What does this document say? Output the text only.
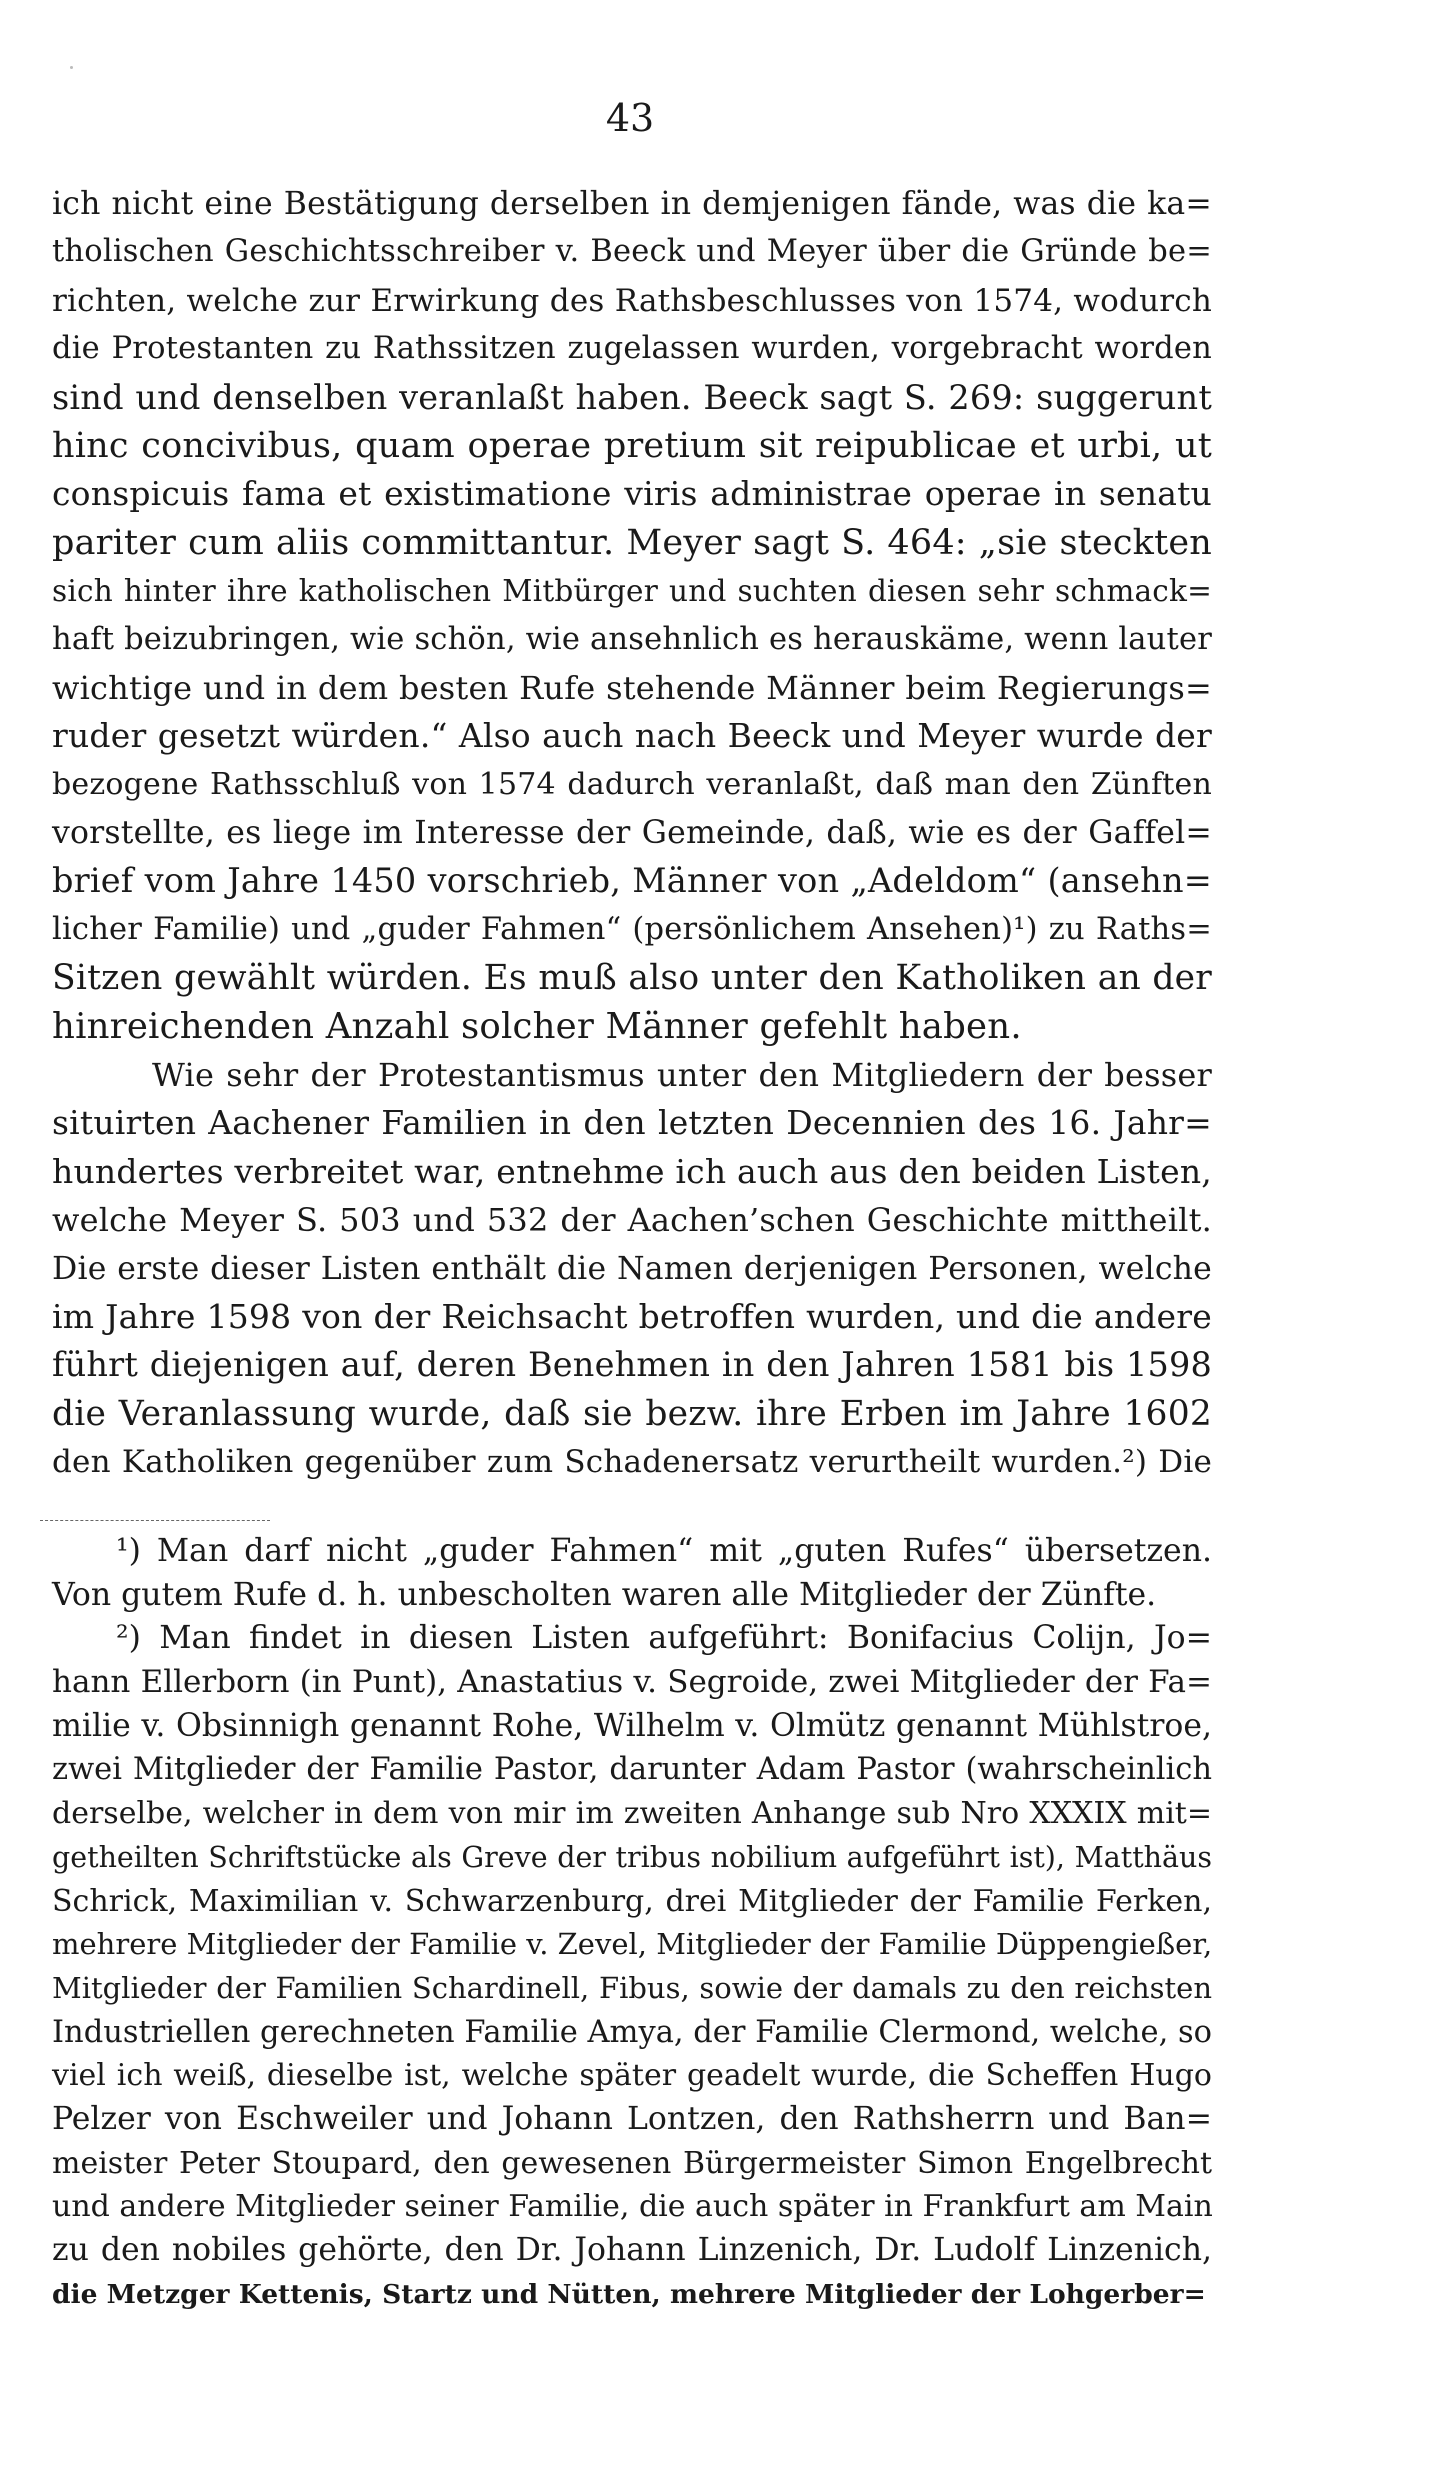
43
ich nicht eine Bestätigung derselben in demjenigen fände, was die ka=
tholischen Geschichtsschreiber v. Beeck und Meyer über die Gründe be=
richten, welche zur Erwirkung des Rathsbeschlusses von 1574, wodurch
die Protestanten zu Rathssitzen zugelassen wurden, vorgebracht worden
sind und denselben veranlaßt haben. Beeck sagt S. 269: suggerunt
hinc concivibus, quam operae pretium sit reipublicae et urbi, ut
conspicuis fama et existimatione viris administrae operae in senatu
pariter cum aliis committantur. Meyer sagt S. 464: „sie steckten
sich hinter ihre katholischen Mitbürger und suchten diesen sehr schmack=
haft beizubringen, wie schön, wie ansehnlich es herauskäme, wenn lauter
wichtige und in dem besten Rufe stehende Männer beim Regierungs=
ruder gesetzt würden.“ Also auch nach Beeck und Meyer wurde der
bezogene Rathsschluß von 1574 dadurch veranlaßt, daß man den Zünften
vorstellte, es liege im Interesse der Gemeinde, daß, wie es der Gaffel=
brief vom Jahre 1450 vorschrieb, Männer von „Adeldom“ (ansehn=
licher Familie) und „guder Fahmen“ (persönlichem Ansehen)¹) zu Raths=
Sitzen gewählt würden. Es muß also unter den Katholiken an der
hinreichenden Anzahl solcher Männer gefehlt haben.
Wie sehr der Protestantismus unter den Mitgliedern der besser
situirten Aachener Familien in den letzten Decennien des 16. Jahr=
hundertes verbreitet war, entnehme ich auch aus den beiden Listen,
welche Meyer S. 503 und 532 der Aachen’schen Geschichte mittheilt.
Die erste dieser Listen enthält die Namen derjenigen Personen, welche
im Jahre 1598 von der Reichsacht betroffen wurden, und die andere
führt diejenigen auf, deren Benehmen in den Jahren 1581 bis 1598
die Veranlassung wurde, daß sie bezw. ihre Erben im Jahre 1602
den Katholiken gegenüber zum Schadenersatz verurtheilt wurden.²) Die
¹) Man darf nicht „guder Fahmen“ mit „guten Rufes“ übersetzen.
Von gutem Rufe d. h. unbescholten waren alle Mitglieder der Zünfte.
²) Man findet in diesen Listen aufgeführt: Bonifacius Colijn, Jo=
hann Ellerborn (in Punt), Anastatius v. Segroide, zwei Mitglieder der Fa=
milie v. Obsinnigh genannt Rohe, Wilhelm v. Olmütz genannt Mühlstroe,
zwei Mitglieder der Familie Pastor, darunter Adam Pastor (wahrscheinlich
derselbe, welcher in dem von mir im zweiten Anhange sub Nro XXXIX mit=
getheilten Schriftstücke als Greve der tribus nobilium aufgeführt ist), Matthäus
Schrick, Maximilian v. Schwarzenburg, drei Mitglieder der Familie Ferken,
mehrere Mitglieder der Familie v. Zevel, Mitglieder der Familie Düppengießer,
Mitglieder der Familien Schardinell, Fibus, sowie der damals zu den reichsten
Industriellen gerechneten Familie Amya, der Familie Clermond, welche, so
viel ich weiß, dieselbe ist, welche später geadelt wurde, die Scheffen Hugo
Pelzer von Eschweiler und Johann Lontzen, den Rathsherrn und Ban=
meister Peter Stoupard, den gewesenen Bürgermeister Simon Engelbrecht
und andere Mitglieder seiner Familie, die auch später in Frankfurt am Main
zu den nobiles gehörte, den Dr. Johann Linzenich, Dr. Ludolf Linzenich,
die Metzger Kettenis, Startz und Nütten, mehrere Mitglieder der Lohgerber=
